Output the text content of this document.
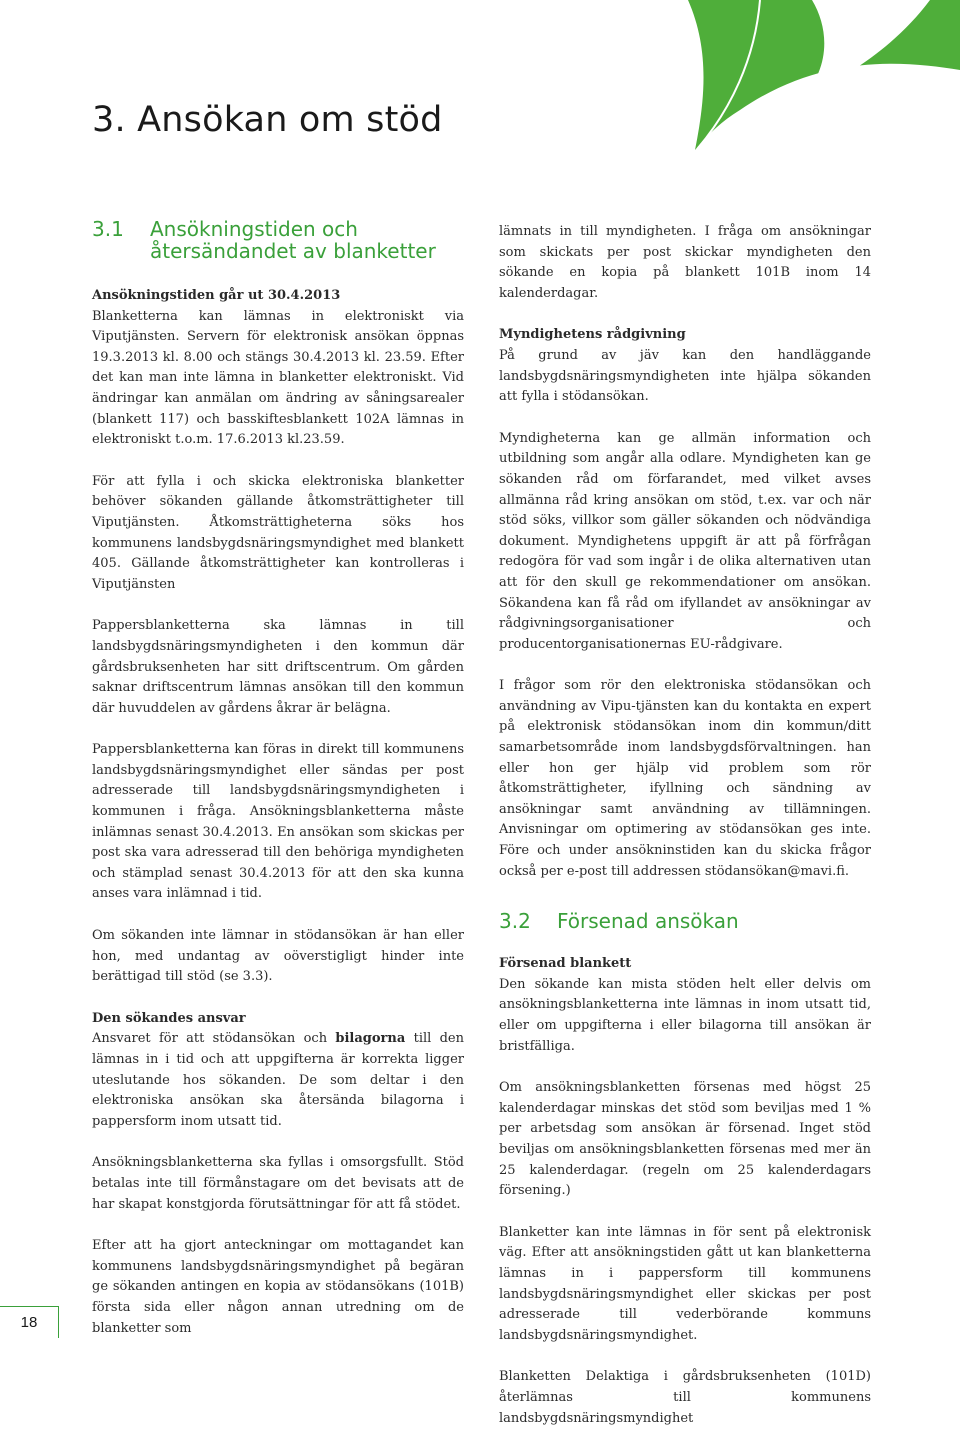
3. Ansökan om stöd
3.1	Ansökningstiden och återsändandet av blanketter

Ansökningstiden går ut 30.4.2013
Blanketterna kan lämnas in elektroniskt via Viputjänsten. Servern för elektronisk ansökan öppnas 19.3.2013 kl. 8.00 och stängs 30.4.2013 kl. 23.59. Efter det kan man inte lämna in blanketter elektroniskt. Vid ändringar kan anmälan om ändring av såningsarealer (blankett 117) och basskiftesblankett 102A lämnas in elektroniskt t.o.m. 17.6.2013 kl.23.59.

För att fylla i och skicka elektroniska blanketter behöver sökanden gällande åtkomsträttigheter till Viputjänsten. Åtkomsträttigheterna söks hos kommunens landsbygdsnäringsmyndighet med blankett 405. Gällande åtkomsträttigheter kan kontrolleras i Viputjänsten

Pappersblanketterna ska lämnas in till landsbygdsnäringsmyndigheten i den kommun där gårdsbruksenheten har sitt driftscentrum. Om gården saknar driftscentrum lämnas ansökan till den kommun där huvuddelen av gårdens åkrar är belägna.

Pappersblanketterna kan föras in direkt till kommunens landsbygdsnäringsmyndighet eller sändas per post adresserade till landsbygdsnäringsmyndigheten i kommunen i fråga. Ansökningsblanketterna måste inlämnas senast 30.4.2013. En ansökan som skickas per post ska vara adresserad till den behöriga myndigheten och stämplad senast 30.4.2013 för att den ska kunna anses vara inlämnad i tid.

Om sökanden inte lämnar in stödansökan är han eller hon, med undantag av oöverstigligt hinder inte berättigad till stöd (se 3.3).

Den sökandes ansvar
Ansvaret för att stödansökan och bilagorna till den lämnas in i tid och att uppgifterna är korrekta ligger uteslutande hos sökanden. De som deltar i den elektroniska ansökan ska återsända bilagorna i pappersform inom utsatt tid.

Ansökningsblanketterna ska fyllas i omsorgsfullt. Stöd betalas inte till förmånstagare om det bevisats att de har skapat konstgjorda förutsättningar för att få stödet.

Efter att ha gjort anteckningar om mottagandet kan kommunens landsbygdsnäringsmyndighet på begäran ge sökanden antingen en kopia av stödansökans (101B) första sida eller någon annan utredning om de blanketter som

lämnats in till myndigheten. I fråga om ansökningar som skickats per post skickar myndigheten den sökande en kopia på blankett 101B inom 14 kalenderdagar.

Myndighetens rådgivning
På grund av jäv kan den handläggande landsbygdsnäringsmyndigheten inte hjälpa sökanden att fylla i stödansökan.

Myndigheterna kan ge allmän information och utbildning som angår alla odlare. Myndigheten kan ge sökanden råd om förfarandet, med vilket avses allmänna råd kring ansökan om stöd, t.ex. var och när stöd söks, villkor som gäller sökanden och nödvändiga dokument. Myndighetens uppgift är att på förfrågan redogöra för vad som ingår i de olika alternativen utan att för den skull ge rekommendationer om ansökan. Sökandena kan få råd om ifyllandet av ansökningar av rådgivningsorganisationer och producentorganisationernas EU-rådgivare.

I frågor som rör den elektroniska stödansökan och användning av Vipu-tjänsten kan du kontakta en expert på elektronisk stödansökan inom din kommun/ditt samarbetsområde inom landsbygdsförvaltningen. han eller hon ger hjälp vid problem som rör åtkomsträttigheter, ifyllning och sändning av ansökningar samt användning av tillämningen. Anvisningar om optimering av stödansökan ges inte. Före och under ansökninstiden kan du skicka frågor också per e-post till addressen stödansökan@mavi.fi.

3.2	Försenad ansökan

Försenad blankett
Den sökande kan mista stöden helt eller delvis om ansökningsblanketterna inte lämnas in inom utsatt tid, eller om uppgifterna i eller bilagorna till ansökan är bristfälliga.

Om ansökningsblanketten försenas med högst 25 kalenderdagar minskas det stöd som beviljas med 1 % per arbetsdag som ansökan är försenad. Inget stöd beviljas om ansökningsblanketten försenas med mer än 25 kalenderdagar. (regeln om 25 kalenderdagars försening.)

Blanketter kan inte lämnas in för sent på elektronisk väg. Efter att ansökningstiden gått ut kan blanketterna lämnas in i pappersform till kommunens landsbygdsnäringsmyndighet eller skickas per post adresserade till vederbörande kommuns landsbygdsnäringsmyndighet.

Blanketten Delaktiga i gårdsbruksenheten (101D) återlämnas till kommunens landsbygdsnäringsmyndighet

18
